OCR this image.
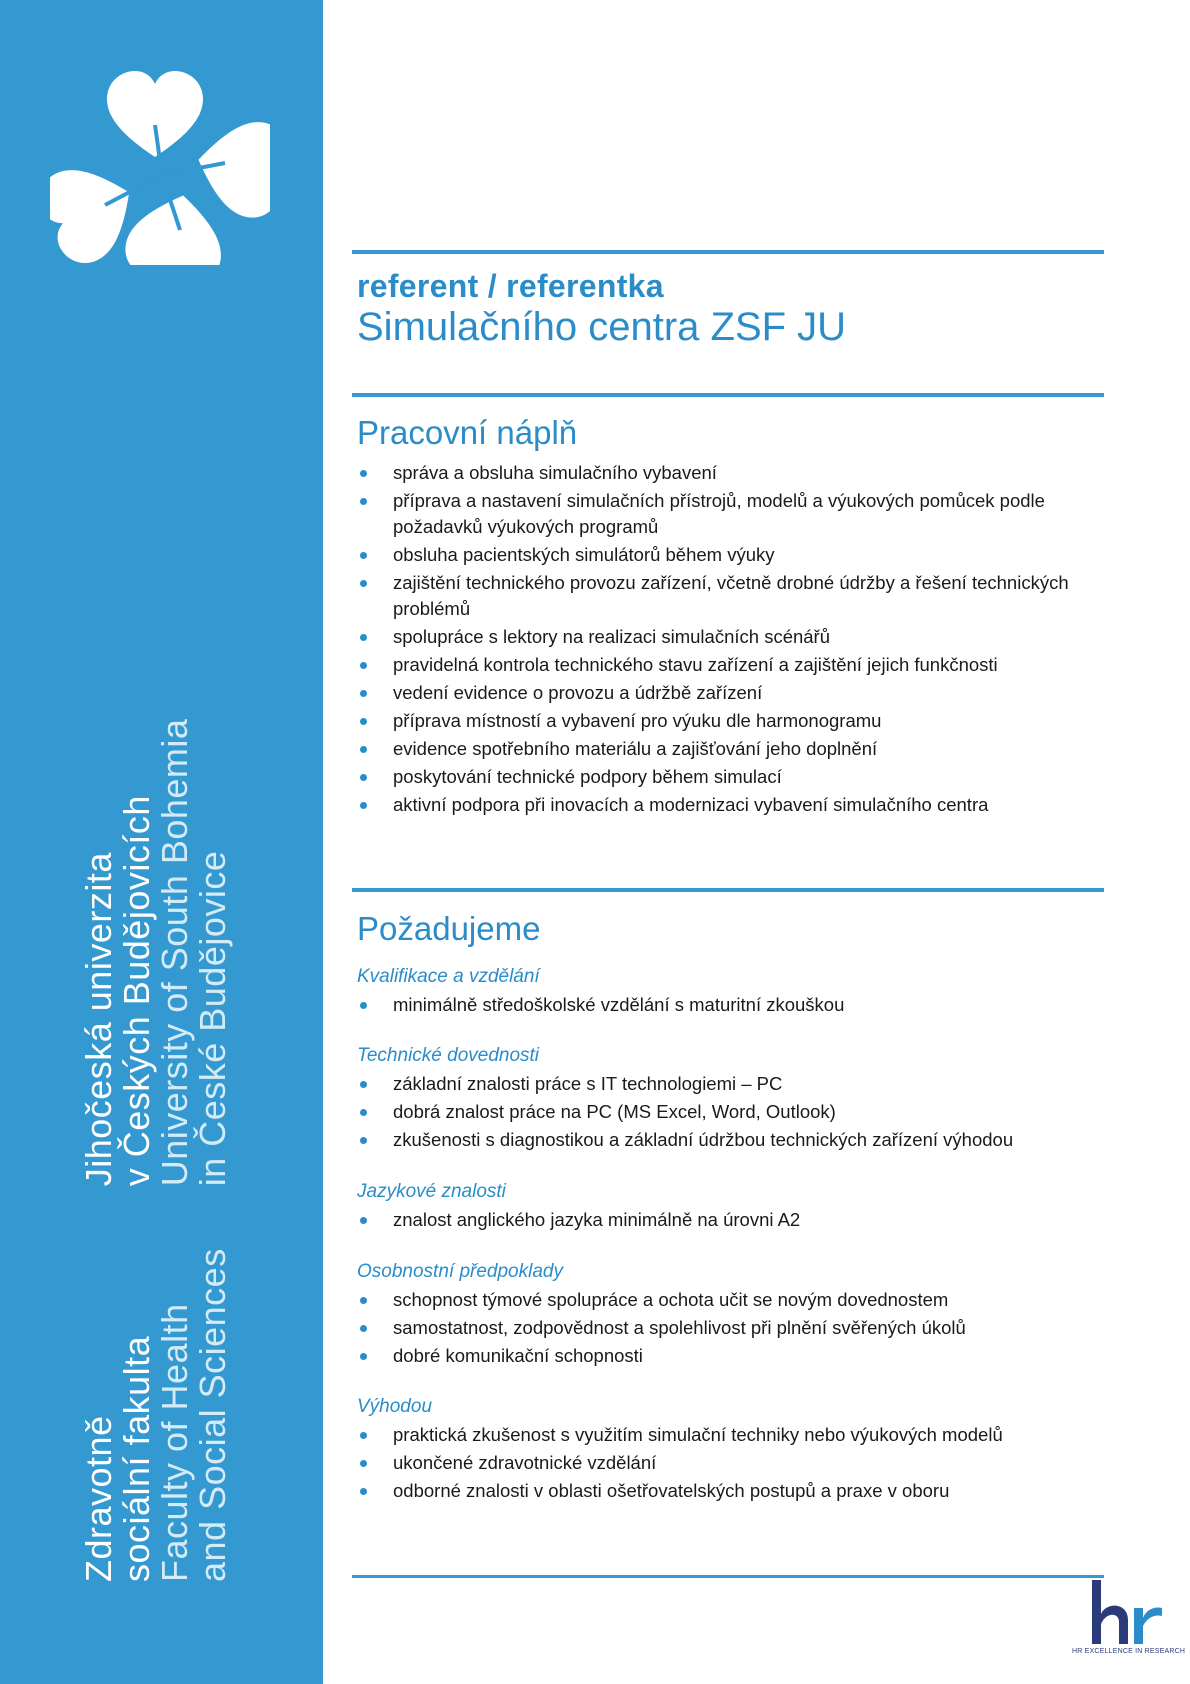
Zdravotně
sociální fakulta
Faculty of Health
and Social Sciences
Jihočeská univerzita
v Českých Budějovicích
University of South Bohemia
in České Budějovice
referent / referentka
Simulačního centra ZSF JU
Pracovní náplň
správa a obsluha simulačního vybavení
příprava a nastavení simulačních přístrojů, modelů a výukových pomůcek podle požadavků výukových programů
obsluha pacientských simulátorů během výuky
zajištění technického provozu zařízení, včetně drobné údržby a řešení technických problémů
spolupráce s lektory na realizaci simulačních scénářů
pravidelná kontrola technického stavu zařízení a zajištění jejich funkčnosti
vedení evidence o provozu a údržbě zařízení
příprava místností a vybavení pro výuku dle harmonogramu
evidence spotřebního materiálu a zajišťování jeho doplnění
poskytování technické podpory během simulací
aktivní podpora při inovacích a modernizaci vybavení simulačního centra
Požadujeme
Kvalifikace a vzdělání
minimálně středoškolské vzdělání s maturitní zkouškou
Technické dovednosti
základní znalosti práce s IT technologiemi – PC
dobrá znalost práce na PC (MS Excel, Word, Outlook)
zkušenosti s diagnostikou a základní údržbou technických zařízení výhodou
Jazykové znalosti
znalost anglického jazyka minimálně na úrovni A2
Osobnostní předpoklady
schopnost týmové spolupráce a ochota učit se novým dovednostem
samostatnost, zodpovědnost a spolehlivost při plnění svěřených úkolů
dobré komunikační schopnosti
Výhodou
praktická zkušenost s využitím simulační techniky nebo výukových modelů
ukončené zdravotnické vzdělání
odborné znalosti v oblasti ošetřovatelských postupů a praxe v oboru
HR EXCELLENCE IN RESEARCH
